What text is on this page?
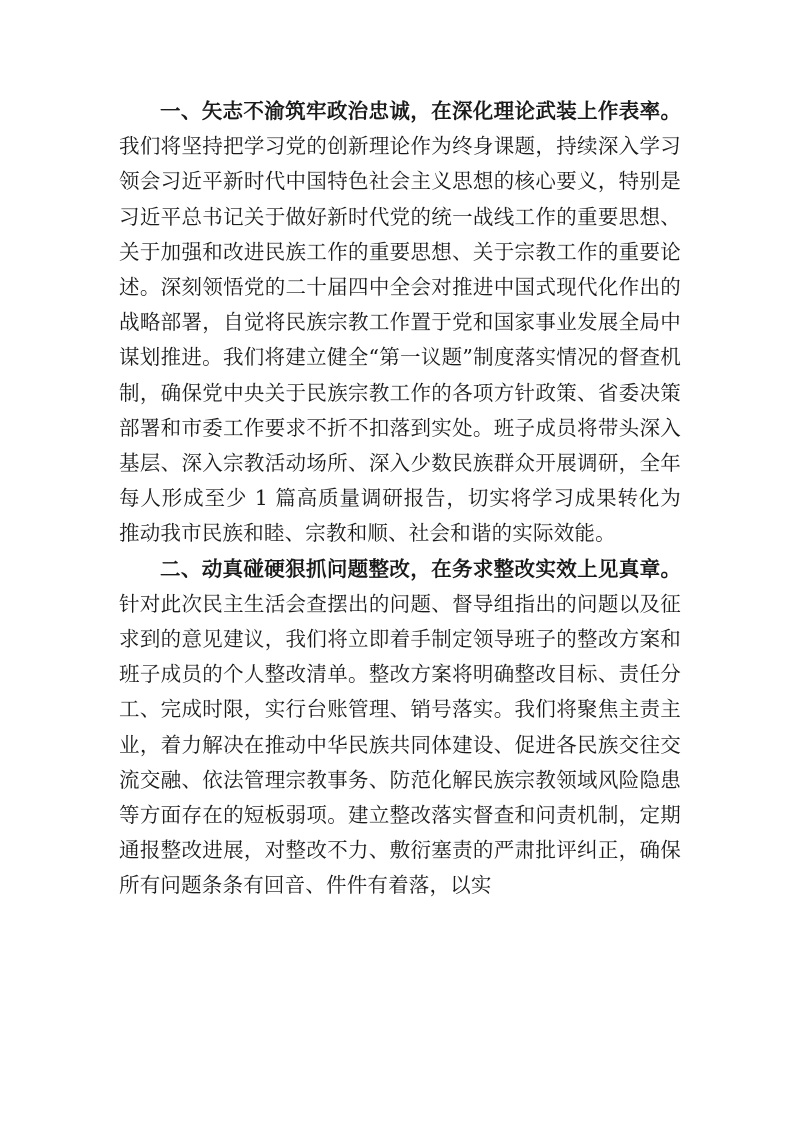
一、矢志不渝筑牢政治忠诚，在深化理论武装上作表率。我们将坚持把学习党的创新理论作为终身课题，持续深入学习领会习近平新时代中国特色社会主义思想的核心要义，特别是习近平总书记关于做好新时代党的统一战线工作的重要思想、关于加强和改进民族工作的重要思想、关于宗教工作的重要论述。深刻领悟党的二十届四中全会对推进中国式现代化作出的战略部署，自觉将民族宗教工作置于党和国家事业发展全局中谋划推进。我们将建立健全“第一议题”制度落实情况的督查机制，确保党中央关于民族宗教工作的各项方针政策、省委决策部署和市委工作要求不折不扣落到实处。班子成员将带头深入基层、深入宗教活动场所、深入少数民族群众开展调研，全年每人形成至少 1 篇高质量调研报告，切实将学习成果转化为推动我市民族和睦、宗教和顺、社会和谐的实际效能。

二、动真碰硬狠抓问题整改，在务求整改实效上见真章。针对此次民主生活会查摆出的问题、督导组指出的问题以及征求到的意见建议，我们将立即着手制定领导班子的整改方案和班子成员的个人整改清单。整改方案将明确整改目标、责任分工、完成时限，实行台账管理、销号落实。我们将聚焦主责主业，着力解决在推动中华民族共同体建设、促进各民族交往交流交融、依法管理宗教事务、防范化解民族宗教领域风险隐患等方面存在的短板弱项。建立整改落实督查和问责机制，定期通报整改进展，对整改不力、敷衍塞责的严肃批评纠正，确保所有问题条条有回音、件件有着落，以实
